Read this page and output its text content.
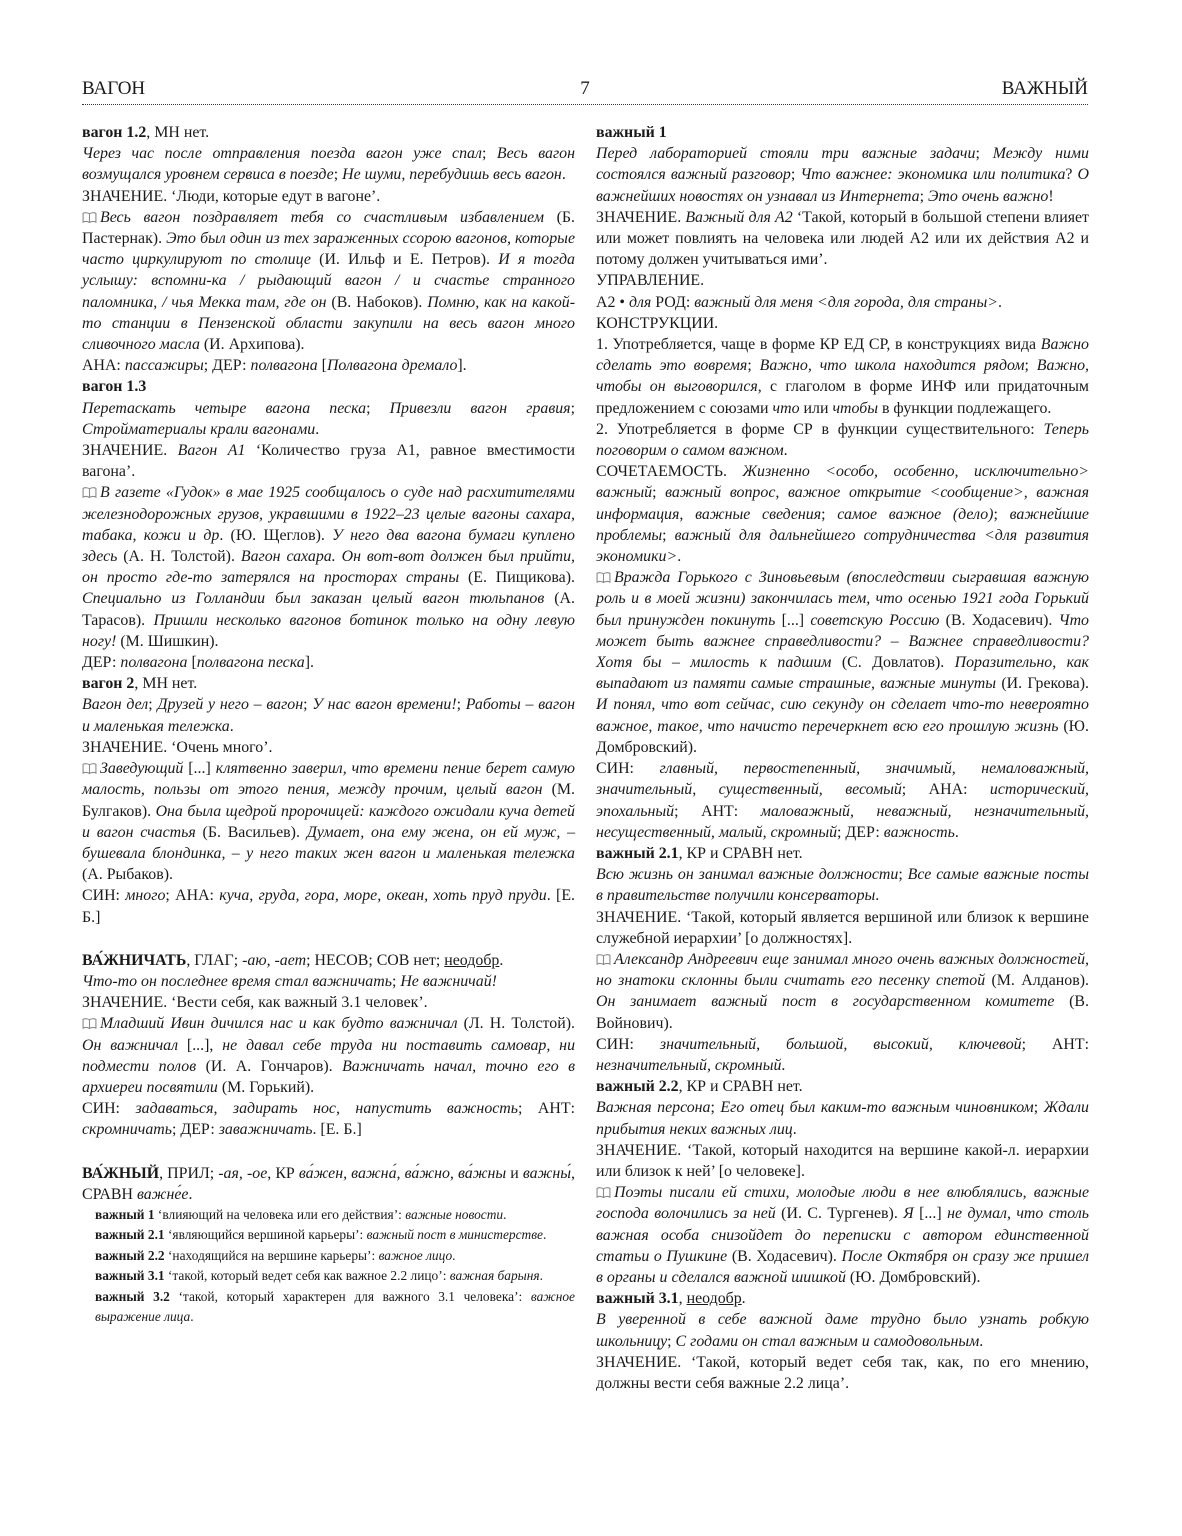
ВАГОН	7	ВАЖНЫЙ

вагон 1.2, МН нет.

Через час после отправления поезда вагон уже спал; Весь вагон возмущался уровнем сервиса в поезде; Не шуми, перебудишь весь вагон.

ЗНАЧЕНИЕ. ‘Люди, которые едут в вагоне’.

Весь вагон поздравляет тебя со счастливым избавлением (Б. Пастернак). Это был один из тех зараженных ссорою вагонов, которые часто циркулируют по столице (И. Ильф и Е. Петров). И я тогда услышу: вспомни-ка / рыдающий вагон / и счастье странного паломника, / чья Мекка там, где он (В. Набоков). Помню, как на какой-то станции в Пензенской области закупили на весь вагон много сливочного масла (И. Архипова).

АНА: пассажиры; ДЕР: полвагона [Полвагона дремало].

вагон 1.3

Перетаскать четыре вагона песка; Привезли вагон гравия; Стройматериалы крали вагонами.

ЗНАЧЕНИЕ. Вагон А1 ‘Количество груза А1, равное вместимости вагона’.

В газете «Гудок» в мае 1925 сообщалось о суде над расхитителями железнодорожных грузов, укравшими в 1922–23 целые вагоны сахара, табака, кожи и др. (Ю. Щеглов). У него два вагона бумаги куплено здесь (А. Н. Толстой). Вагон сахара. Он вот-вот должен был прийти, он просто где-то затерялся на просторах страны (Е. Пищикова). Специально из Голландии был заказан целый вагон тюльпанов (А. Тарасов). Пришли несколько вагонов ботинок только на одну левую ногу! (М. Шишкин).

ДЕР: полвагона [полвагона песка].

вагон 2, МН нет.

Вагон дел; Друзей у него – вагон; У нас вагон времени!; Работы – вагон и маленькая тележка.

ЗНАЧЕНИЕ. ‘Очень много’.

Заведующий [...] клятвенно заверил, что времени пение берет самую малость, пользы от этого пения, между прочим, целый вагон (М. Булгаков). Она была щедрой пророчицей: каждого ожидали куча детей и вагон счастья (Б. Васильев). Думает, она ему жена, он ей муж, – бушевала блондинка, – у него таких жен вагон и маленькая тележка (А. Рыбаков).

СИН: много; АНА: куча, груда, гора, море, океан, хоть пруд пруди. [Е. Б.]

ВА́ЖНИЧАТЬ, ГЛАГ; -аю, -ает; НЕСОВ; СОВ нет; неодобр.

Что-то он последнее время стал важничать; Не важничай!

ЗНАЧЕНИЕ. ‘Вести себя, как важный 3.1 человек’.

Младший Ивин дичился нас и как будто важничал (Л. Н. Толстой). Он важничал [...], не давал себе труда ни поставить самовар, ни подмести полов (И. А. Гончаров). Важничать начал, точно его в архиереи посвятили (М. Горький).

СИН: задаваться, задирать нос, напустить важность; АНТ: скромничать; ДЕР: заважничать. [Е. Б.]

ВА́ЖНЫЙ, ПРИЛ; -ая, -ое, КР ва́жен, важна́, ва́жно, ва́жны и важны́, СРАВН важне́е.

важный 1 ‘влияющий на человека или его действия’: важные новости.

важный 2.1 ‘являющийся вершиной карьеры’: важный пост в министерстве.

важный 2.2 ‘находящийся на вершине карьеры’: важное лицо.

важный 3.1 ‘такой, который ведет себя как важное 2.2 лицо’: важная барыня.

важный 3.2 ‘такой, который характерен для важного 3.1 человека’: важное выражение лица.

важный 1

Перед лабораторией стояли три важные задачи; Между ними состоялся важный разговор; Что важнее: экономика или политика? О важнейших новостях он узнавал из Интернета; Это очень важно!

ЗНАЧЕНИЕ. Важный для А2 ‘Такой, который в большой степени влияет или может повлиять на человека или людей А2 или их действия А2 и потому должен учитываться ими’.

УПРАВЛЕНИЕ.

А2 • для РОД: важный для меня <для города, для страны>.

КОНСТРУКЦИИ.

1. Употребляется, чаще в форме КР ЕД СР, в конструкциях вида Важно сделать это вовремя; Важно, что школа находится рядом; Важно, чтобы он выговорился, с глаголом в форме ИНФ или придаточным предложением с союзами что или чтобы в функции подлежащего.

2. Употребляется в форме СР в функции существительного: Теперь поговорим о самом важном.

СОЧЕТАЕМОСТЬ. Жизненно <особо, особенно, исключительно> важный; важный вопрос, важное открытие <сообщение>, важная информация, важные сведения; самое важное (дело); важнейшие проблемы; важный для дальнейшего сотрудничества <для развития экономики>.

Вражда Горького с Зиновьевым (впоследствии сыгравшая важную роль и в моей жизни) закончилась тем, что осенью 1921 года Горький был принужден покинуть [...] советскую Россию (В. Ходасевич). Что может быть важнее справедливости? – Важнее справедливости? Хотя бы – милость к падшим (С. Довлатов). Поразительно, как выпадают из памяти самые страшные, важные минуты (И. Грекова). И понял, что вот сейчас, сию секунду он сделает что-то невероятно важное, такое, что начисто перечеркнет всю его прошлую жизнь (Ю. Домбровский).

СИН: главный, первостепенный, значимый, немаловажный, значительный, существенный, весомый; АНА: исторический, эпохальный; АНТ: маловажный, неважный, незначительный, несущественный, малый, скромный; ДЕР: важность.

важный 2.1, КР и СРАВН нет.

Всю жизнь он занимал важные должности; Все самые важные посты в правительстве получили консерваторы.

ЗНАЧЕНИЕ. ‘Такой, который является вершиной или близок к вершине служебной иерархии’ [о должностях].

Александр Андреевич еще занимал много очень важных должностей, но знатоки склонны были считать его песенку спетой (М. Алданов). Он занимает важный пост в государственном комитете (В. Войнович).

СИН: значительный, большой, высокий, ключевой; АНТ: незначительный, скромный.

важный 2.2, КР и СРАВН нет.

Важная персона; Его отец был каким-то важным чиновником; Ждали прибытия неких важных лиц.

ЗНАЧЕНИЕ. ‘Такой, который находится на вершине какой-л. иерархии или близок к ней’ [о человеке].

Поэты писали ей стихи, молодые люди в нее влюблялись, важные господа волочились за ней (И. С. Тургенев). Я [...] не думал, что столь важная особа снизойдет до переписки с автором единственной статьи о Пушкине (В. Ходасевич). После Октября он сразу же пришел в органы и сделался важной шишкой (Ю. Домбровский).

важный 3.1, неодобр.

В уверенной в себе важной даме трудно было узнать робкую школьницу; С годами он стал важным и самодовольным.

ЗНАЧЕНИЕ. ‘Такой, который ведет себя так, как, по его мнению, должны вести себя важные 2.2 лица’.
